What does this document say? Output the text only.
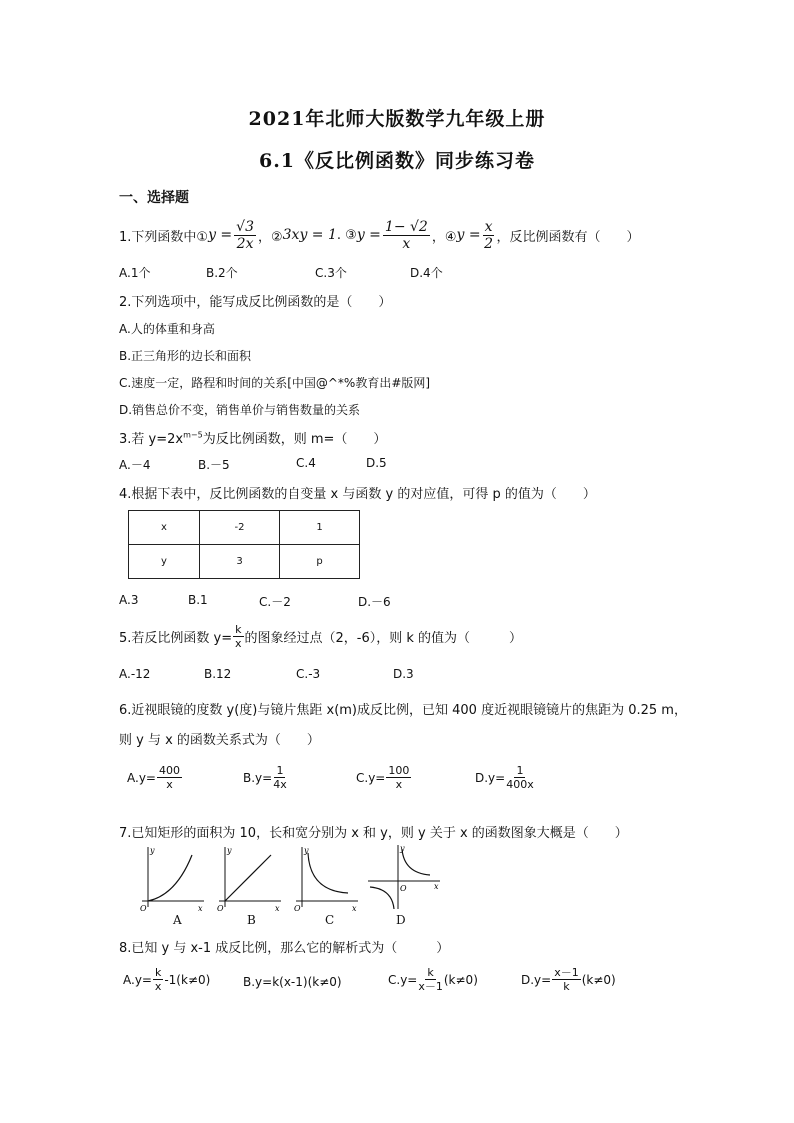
2021年北师大版数学九年级上册
6.1《反比例函数》同步练习卷
一、选择题
1.下列函数中① $y = \frac{√3}{2x}$ ，② 3xy = 1 . ③ $y = \frac{1- √2}{x}$ ，④ $y = \frac{x}{2}$ ，反比例函数有（　　）
A.1个	B.2个	C.3个	D.4个
2.下列选项中，能写成反比例函数的是（　　）
A.人的体重和身高
B.正三角形的边长和面积
C.速度一定，路程和时间的关系[中国@^*%教育出#版网]
D.销售总价不变，销售单价与销售数量的关系
3.若 $y=2x^{m-5}$为反比例函数，则 m=（　　）
A.－4	B.－5	C.4	D.5
4.根据下表中，反比例函数的自变量 x 与函数 y 的对应值，可得 p 的值为（　　）
x	-2	1
y	3	p
A.3	B.1	C.－2	D.－6
5.若反比例函数 $y= \frac{k}{x}$ 的图象经过点（2，-6），则 k 的值为（　　　）
A.-12	B.12	C.-3	D.3
6.近视眼镜的度数 y(度)与镜片焦距 x(m)成反比例，已知 400 度近视眼镜镜片的焦距为 0.25 m，
则 y 与 x 的函数关系式为（　　）
$A.y= \frac{400}{x}$	$B.y= \frac{1}{4x}$	$C.y= \frac{100}{x}$	$D.y= \frac{1}{400x}$
7.已知矩形的面积为 10，长和宽分别为 x 和 y，则 y 关于 x 的函数图象大概是（　　）
y
x
O
y
x
O
y
x
O
y
x
O
A	B	C	D
8.已知 y 与 x-1 成反比例，那么它的解析式为（　　　）
$A.y= \frac{k}{x} -1(k\ne 0)$	B.y=k(x-1)(k≠0)	$C.y= \frac{k}{x-1} (k\ne 0)$	$D.y= \frac{x-1}{k} (k\ne 0)$
